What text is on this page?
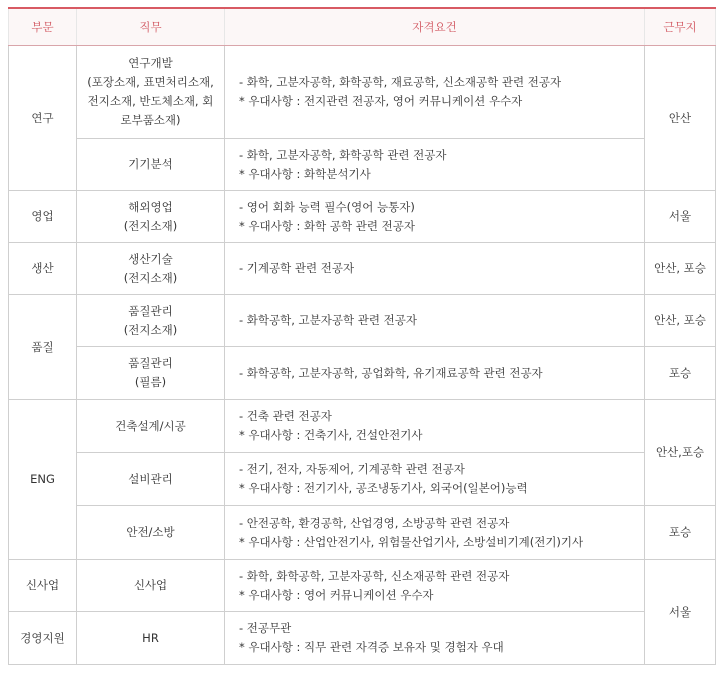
부문	직무	자격요건	근무지
연구	연구개발
(포장소재, 표면처리소재,
전지소재, 반도체소재, 회
로부품소재)	- 화학, 고분자공학, 화학공학, 재료공학, 신소재공학 관련 전공자
* 우대사항 : 전지관련 전공자, 영어 커뮤니케이션 우수자	안산

	기기분석	- 화학, 고분자공학, 화학공학 관련 전공자
* 우대사항 : 화학분석기사	

영업	해외영업
(전지소재)	- 영어 회화 능력 필수(영어 능통자)
* 우대사항 : 화학 공학 관련 전공자	서울
생산	생산기술
(전지소재)	- 기계공학 관련 전공자	안산, 포승
품질	품질관리
(전지소재)	- 화학공학, 고분자공학 관련 전공자	안산, 포승

	품질관리
(필름)	- 화학공학, 고분자공학, 공업화학, 유기재료공학 관련 전공자	포승
ENG	건축설계/시공	- 건축 관련 전공자
* 우대사항 : 건축기사, 건설안전기사	안산,포승

	설비관리	- 전기, 전자, 자동제어, 기계공학 관련 전공자
* 우대사항 : 전기기사, 공조냉동기사, 외국어(일본어)능력	

	안전/소방	- 안전공학, 환경공학, 산업경영, 소방공학 관련 전공자
* 우대사항 : 산업안전기사, 위험물산업기사, 소방설비기계(전기)기사	포승
신사업	신사업	- 화학, 화학공학, 고분자공학, 신소재공학 관련 전공자
* 우대사항 : 영어 커뮤니케이션 우수자	서울
경영지원	HR	- 전공무관
* 우대사항 : 직무 관련 자격증 보유자 및 경험자 우대	
